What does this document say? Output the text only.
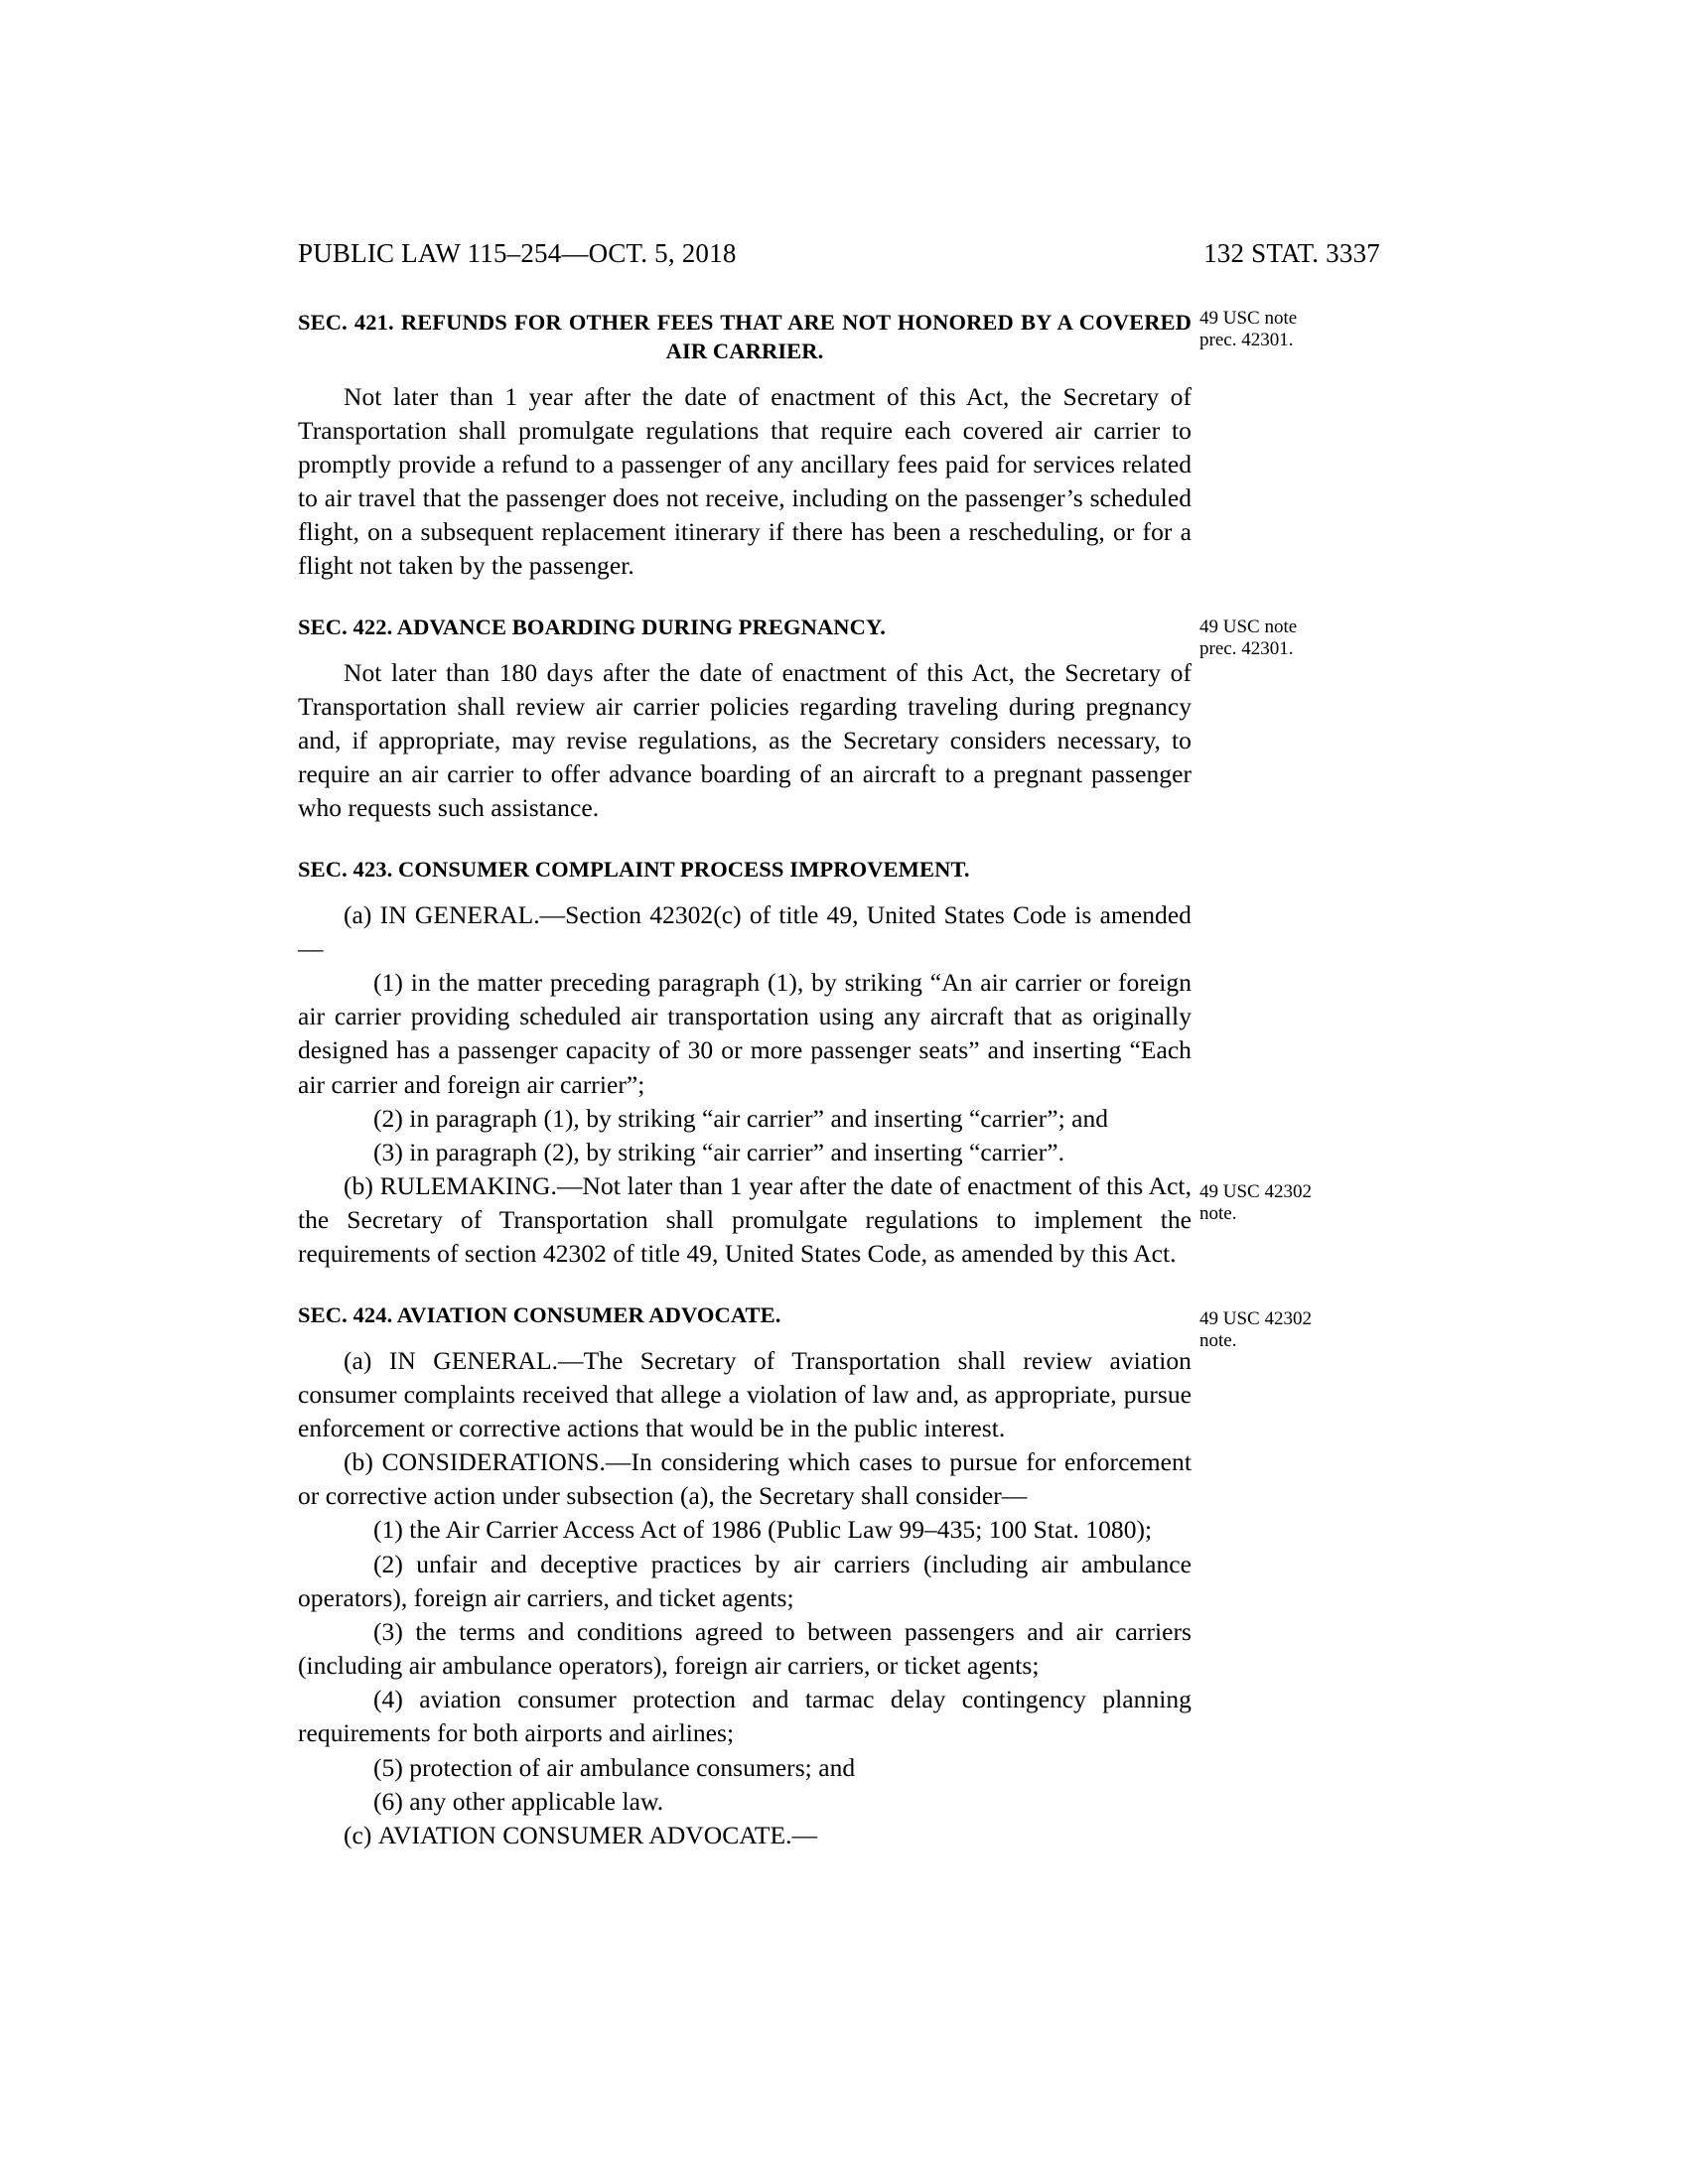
PUBLIC LAW 115–254—OCT. 5, 2018	132 STAT. 3337
49 USC note
prec. 42301.
49 USC note
prec. 42301.
49 USC 42302
note.
49 USC 42302
note.
SEC. 421. REFUNDS FOR OTHER FEES THAT ARE NOT HONORED BY A COVERED AIR CARRIER.

Not later than 1 year after the date of enactment of this Act, the Secretary of Transportation shall promulgate regulations that require each covered air carrier to promptly provide a refund to a passenger of any ancillary fees paid for services related to air travel that the passenger does not receive, including on the passenger’s scheduled flight, on a subsequent replacement itinerary if there has been a rescheduling, or for a flight not taken by the passenger.

SEC. 422. ADVANCE BOARDING DURING PREGNANCY.

Not later than 180 days after the date of enactment of this Act, the Secretary of Transportation shall review air carrier policies regarding traveling during pregnancy and, if appropriate, may revise regulations, as the Secretary considers necessary, to require an air carrier to offer advance boarding of an aircraft to a pregnant passenger who requests such assistance.

SEC. 423. CONSUMER COMPLAINT PROCESS IMPROVEMENT.

(a) IN GENERAL.—Section 42302(c) of title 49, United States Code is amended—

(1) in the matter preceding paragraph (1), by striking “An air carrier or foreign air carrier providing scheduled air transportation using any aircraft that as originally designed has a passenger capacity of 30 or more passenger seats” and inserting “Each air carrier and foreign air carrier”;

(2) in paragraph (1), by striking “air carrier” and inserting “carrier”; and

(3) in paragraph (2), by striking “air carrier” and inserting “carrier”.

(b) RULEMAKING.—Not later than 1 year after the date of enactment of this Act, the Secretary of Transportation shall promulgate regulations to implement the requirements of section 42302 of title 49, United States Code, as amended by this Act.

SEC. 424. AVIATION CONSUMER ADVOCATE.

(a) IN GENERAL.—The Secretary of Transportation shall review aviation consumer complaints received that allege a violation of law and, as appropriate, pursue enforcement or corrective actions that would be in the public interest.

(b) CONSIDERATIONS.—In considering which cases to pursue for enforcement or corrective action under subsection (a), the Secretary shall consider—

(1) the Air Carrier Access Act of 1986 (Public Law 99–435; 100 Stat. 1080);

(2) unfair and deceptive practices by air carriers (including air ambulance operators), foreign air carriers, and ticket agents;

(3) the terms and conditions agreed to between passengers and air carriers (including air ambulance operators), foreign air carriers, or ticket agents;

(4) aviation consumer protection and tarmac delay contingency planning requirements for both airports and airlines;

(5) protection of air ambulance consumers; and

(6) any other applicable law.

(c) AVIATION CONSUMER ADVOCATE.—
